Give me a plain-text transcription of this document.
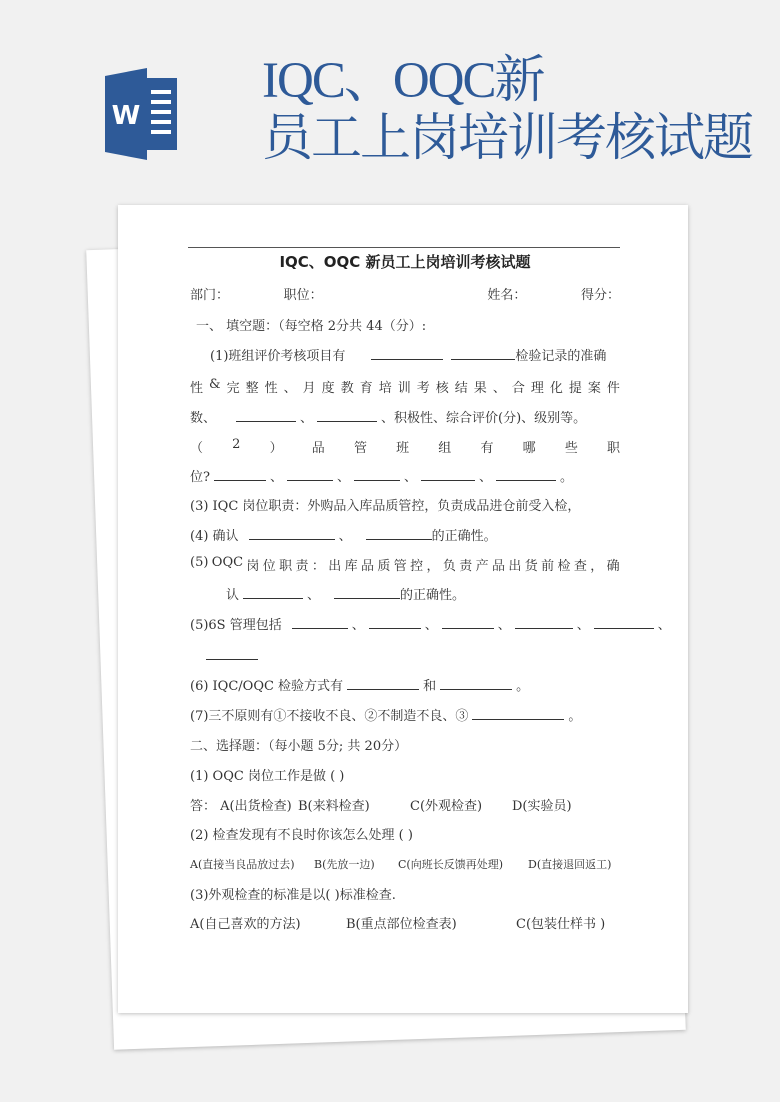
W
IQC、OQC新
员工上岗培训考核试题
IQC、OQC 新员工上岗培训考核试题
部门：	职位：	姓名：	得分：
一、 填空题：（每空格 2分共 44（分）:
(1)班组评价考核项目有	检验记录的准确
性 & 完 整 性 、 月 度 教 育 培 训 考 核 结 果 、 合 理 化 提 案 件
数、	、	、积极性、综合评价(分)、级别等。
（ 2 ） 品 管 班 组 有 哪 些 职
位?	、	、	、	、	。
(3) IQC 岗位职责：外购品入库品质管控，负责成品进仓前受入检，
(4) 确认	、	的正确性。
(5) OQC 岗 位 职 责 ： 出 库 品 质 管 控 ， 负 责 产 品 出 货 前 检 查 ， 确
认	、	的正确性。
(5)6S 管理包括	、	、	、	、	、
(6) IQC/OQC 检验方式有	和	。
(7)三不原则有①不接收不良、②不制造不良、③	。
二、选择题：（每小题 5分; 共 20分）
(1) OQC 岗位工作是做 ( )
答： A(出货检查) B(来料检查)	C(外观检查) D(实验员)
(2) 检查发现有不良时你该怎么处理 ( )
A(直接当良品放过去) B(先放一边) C(向班长反馈再处理) D(直接退回返工)
(3)外观检查的标准是以( )标准检查.
A(自己喜欢的方法)	B(重点部位检查表)	C(包装仕样书 )
